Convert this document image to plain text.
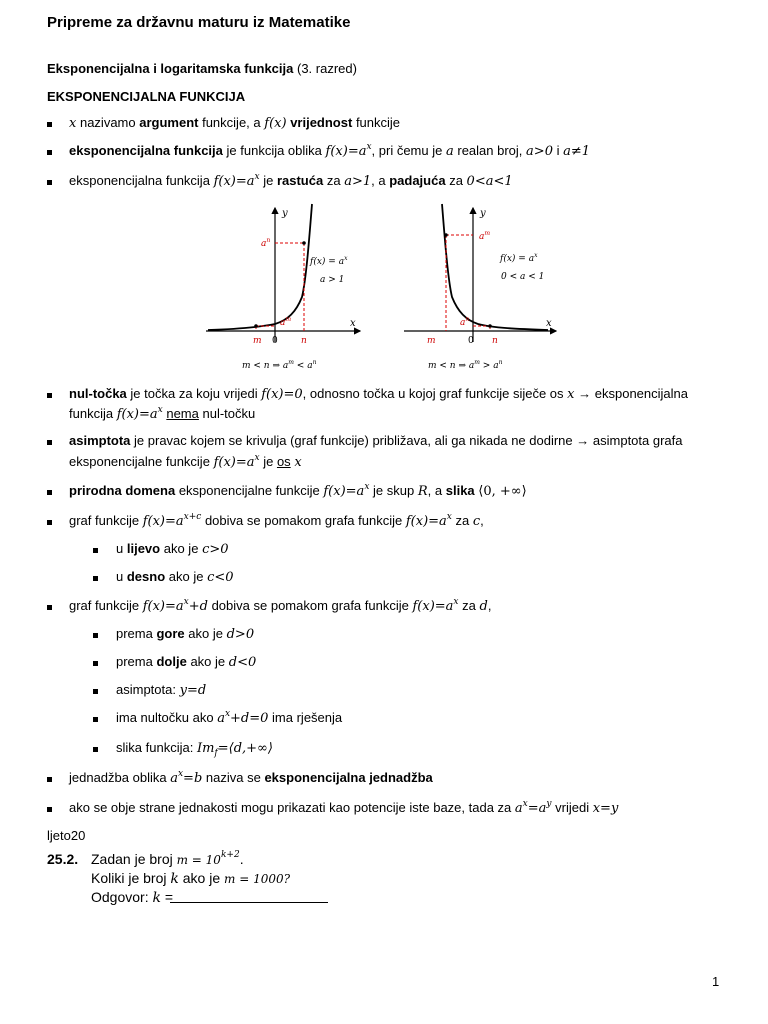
Pripreme za državnu maturu iz Matematike
Eksponencijalna i logaritamska funkcija (3. razred)
EKSPONENCIJALNA FUNKCIJA
x nazivamo argument funkcije, a f(x) vrijednost funkcije
eksponencijalna funkcija je funkcija oblika $f(x)=a^x$, pri čemu je a realan broj, a>0 i a≠1
eksponencijalna funkcija $f(x)=a^x$ je rastuća za a>1, a padajuća za 0<a<1
y
x
$a^n$
$a^m$
$f(x) = a^x$
a > 1
m 0	n
m < n ⇒ $a^m < a^n$
y
x
$a^m$
$a^n$
$f(x) = a^x$
0 < a < 1
m	0 n
m < n ⇒ $a^m > a^n$
nul-točka je točka za koju vrijedi f(x)=0, odnosno točka u kojoj graf funkcije siječe os x → eksponencijalna
funkcija $f(x)=a^x$ nema nul-točku
asimptota je pravac kojem se krivulja (graf funkcije) približava, ali ga nikada ne dodirne → asimptota grafa
eksponencijalne funkcije $f(x)=a^x$ je os x
prirodna domena eksponencijalne funkcije $f(x)=a^x$ je skup R, a slika ⟨0, +∞⟩
graf funkcije $f(x)=a^{x+c}$ dobiva se pomakom grafa funkcije $f(x)=a^x$ za c,
u lijevo ako je c>0
u desno ako je c<0
graf funkcije $f(x)=a^x+d$ dobiva se pomakom grafa funkcije $f(x)=a^x$ za d,
prema gore ako je d>0
prema dolje ako je d<0
asimptota: y=d
ima nultočku ako $a^x+d=0$ ima rješenja
slika funkcija: $Im_f=⟨d,+\infty⟩$
jednadžba oblika $a^x=b$ naziva se eksponencijalna jednadžba
ako se obje strane jednakosti mogu prikazati kao potencije iste baze, tada za $a^x=a^y$ vrijedi x=y
ljeto20
25.2. Zadan je broj $m = 10^{k+2}$.
Koliki je broj k ako je m = 1000?
Odgovor: k =
1
